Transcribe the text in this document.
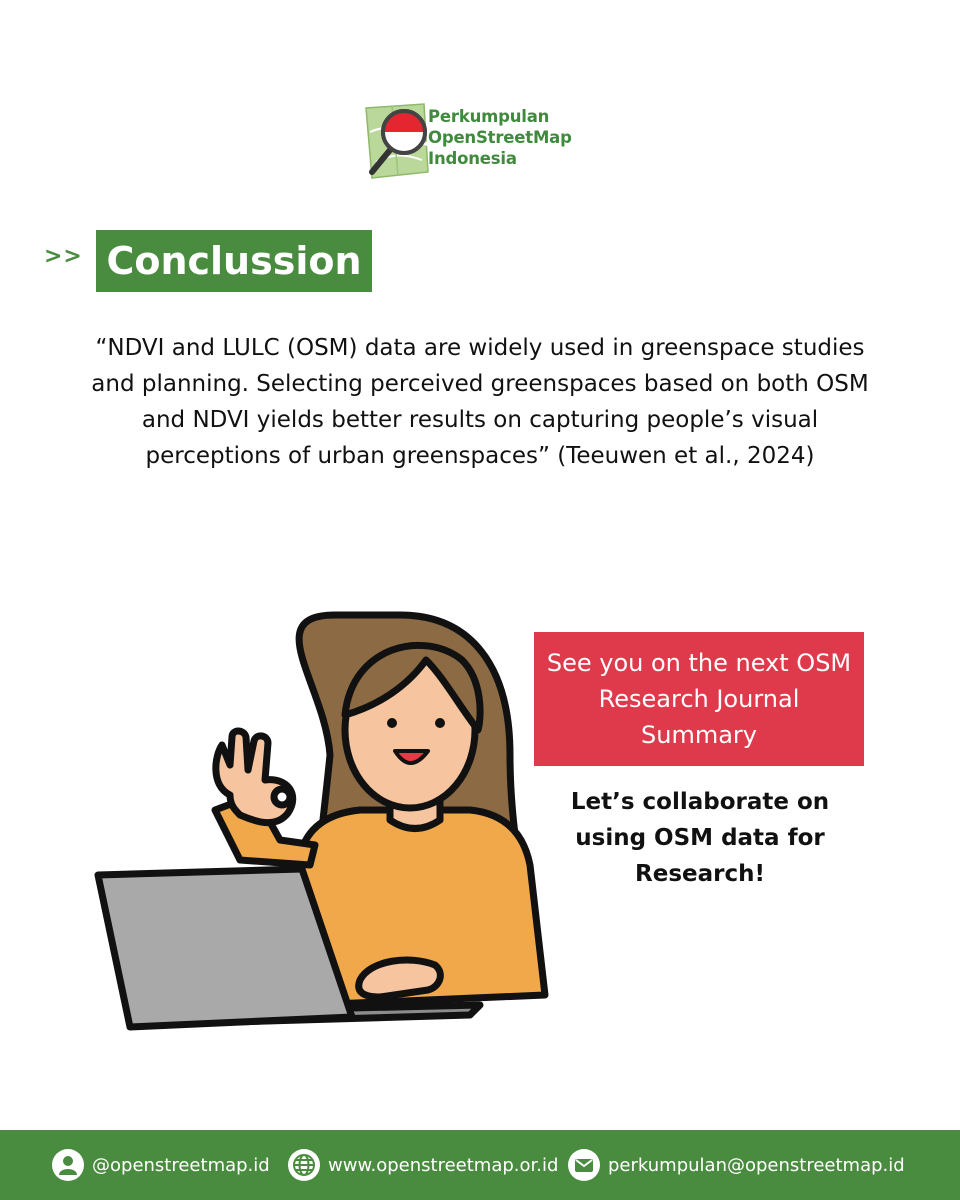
Perkumpulan
OpenStreetMap
Indonesia
>> Conclussion
“NDVI and LULC (OSM) data are widely used in greenspace studies and planning. Selecting perceived greenspaces based on both OSM and NDVI yields better results on capturing people’s visual perceptions of urban greenspaces” (Teeuwen et al., 2024)
See you on the next OSM Research Journal Summary
Let’s collaborate on using OSM data for Research!
@openstreetmap.id	www.openstreetmap.or.id	perkumpulan@openstreetmap.id
